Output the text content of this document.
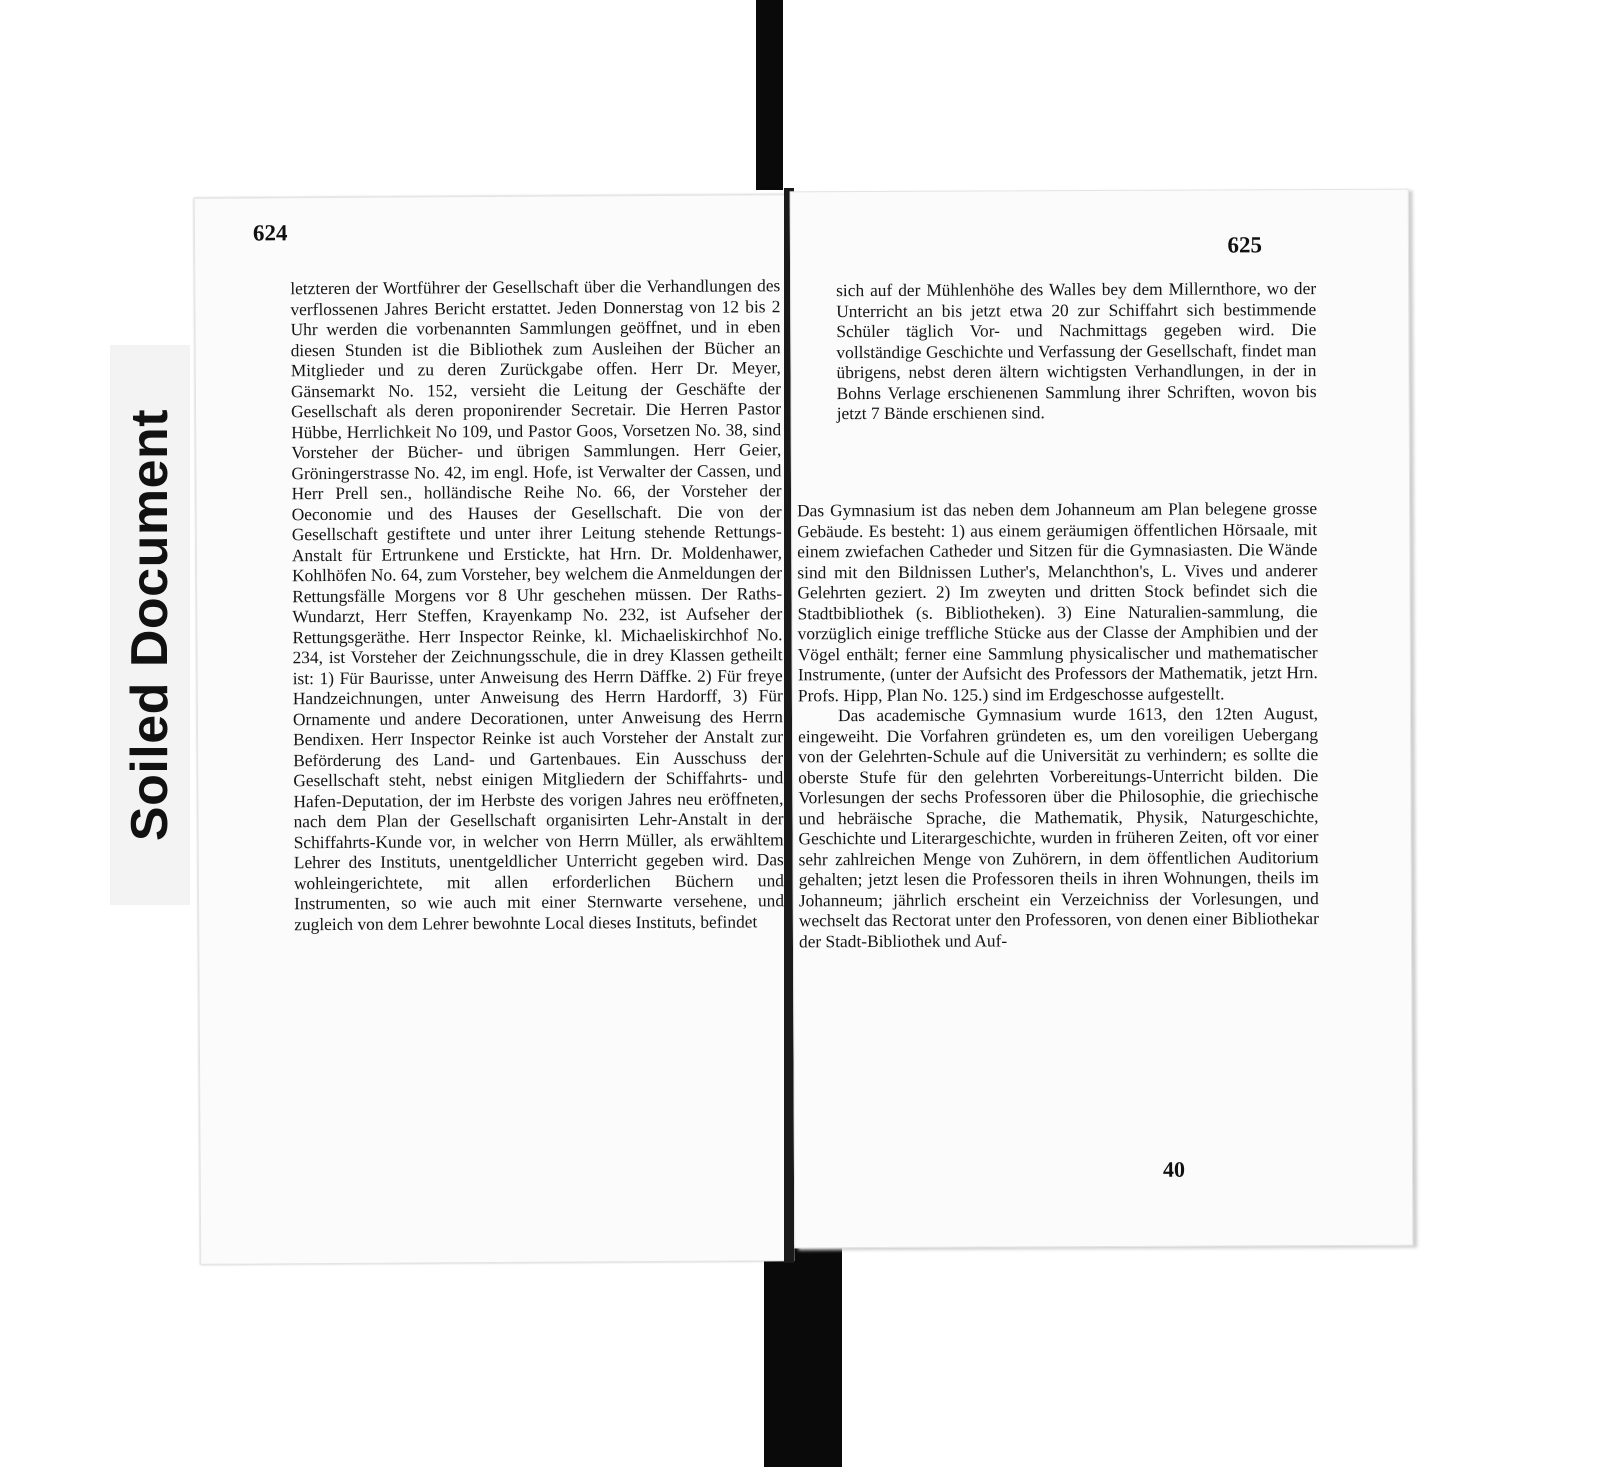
Soiled Document
624

letzteren der Wortführer der Gesellschaft über die Verhandlungen des verflossenen Jahres Bericht erstattet. Jeden Donnerstag von 12 bis 2 Uhr werden die vorbenannten Sammlungen geöffnet, und in eben diesen Stunden ist die Bibliothek zum Ausleihen der Bücher an Mitglieder und zu deren Zurückgabe offen. Herr Dr. Meyer, Gänsemarkt No. 152, versieht die Leitung der Geschäfte der Gesellschaft als deren proponirender Secretair. Die Herren Pastor Hübbe, Herrlichkeit No 109, und Pastor Goos, Vorsetzen No. 38, sind Vorsteher der Bücher- und übrigen Sammlungen. Herr Geier, Gröningerstrasse No. 42, im engl. Hofe, ist Verwalter der Cassen, und Herr Prell sen., holländische Reihe No. 66, der Vorsteher der Oeconomie und des Hauses der Gesellschaft. Die von der Gesellschaft gestiftete und unter ihrer Leitung stehende Rettungs-Anstalt für Ertrunkene und Erstickte, hat Hrn. Dr. Moldenhawer, Kohlhöfen No. 64, zum Vorsteher, bey welchem die Anmeldungen der Rettungsfälle Morgens vor 8 Uhr geschehen müssen. Der Raths-Wundarzt, Herr Steffen, Krayenkamp No. 232, ist Aufseher der Rettungsgeräthe. Herr Inspector Reinke, kl. Michaeliskirchhof No. 234, ist Vorsteher der Zeichnungsschule, die in drey Klassen getheilt ist: 1) Für Baurisse, unter Anweisung des Herrn Däffke. 2) Für freye Handzeichnungen, unter Anweisung des Herrn Hardorff, 3) Für Ornamente und andere Decorationen, unter Anweisung des Herrn Bendixen. Herr Inspector Reinke ist auch Vorsteher der Anstalt zur Beförderung des Land- und Gartenbaues. Ein Ausschuss der Gesellschaft steht, nebst einigen Mitgliedern der Schiffahrts- und Hafen-Deputation, der im Herbste des vorigen Jahres neu eröffneten, nach dem Plan der Gesellschaft organisirten Lehr-Anstalt in der Schiffahrts-Kunde vor, in welcher von Herrn Müller, als erwähltem Lehrer des Instituts, unentgeldlicher Unterricht gegeben wird. Das wohleingerichtete, mit allen erforderlichen Büchern und Instrumenten, so wie auch mit einer Sternwarte versehene, und zugleich von dem Lehrer bewohnte Local dieses Instituts, befindet

625

sich auf der Mühlenhöhe des Walles bey dem Millernthore, wo der Unterricht an bis jetzt etwa 20 zur Schiffahrt sich bestimmende Schüler täglich Vor- und Nachmittags gegeben wird. Die vollständige Geschichte und Verfassung der Gesellschaft, findet man übrigens, nebst deren ältern wichtigsten Verhandlungen, in der in Bohns Verlage erschienenen Sammlung ihrer Schriften, wovon bis jetzt 7 Bände erschienen sind.

Das Gymnasium ist das neben dem Johanneum am Plan belegene grosse Gebäude. Es besteht: 1) aus einem geräumigen öffentlichen Hörsaale, mit einem zwiefachen Catheder und Sitzen für die Gymnasiasten. Die Wände sind mit den Bildnissen Luther's, Melanchthon's, L. Vives und anderer Gelehrten geziert. 2) Im zweyten und dritten Stock befindet sich die Stadtbibliothek (s. Bibliotheken). 3) Eine Naturalien-sammlung, die vorzüglich einige treffliche Stücke aus der Classe der Amphibien und der Vögel enthält; ferner eine Sammlung physicalischer und mathematischer Instrumente, (unter der Aufsicht des Professors der Mathematik, jetzt Hrn. Profs. Hipp, Plan No. 125.) sind im Erdgeschosse aufgestellt.

Das academische Gymnasium wurde 1613, den 12ten August, eingeweiht. Die Vorfahren gründeten es, um den voreiligen Uebergang von der Gelehrten-Schule auf die Universität zu verhindern; es sollte die oberste Stufe für den gelehrten Vorbereitungs-Unterricht bilden. Die Vorlesungen der sechs Professoren über die Philosophie, die griechische und hebräische Sprache, die Mathematik, Physik, Naturgeschichte, Geschichte und Literargeschichte, wurden in früheren Zeiten, oft vor einer sehr zahlreichen Menge von Zuhörern, in dem öffentlichen Auditorium gehalten; jetzt lesen die Professoren theils in ihren Wohnungen, theils im Johanneum; jährlich erscheint ein Verzeichniss der Vorlesungen, und wechselt das Rectorat unter den Professoren, von denen einer Bibliothekar der Stadt-Bibliothek und Auf-

40
